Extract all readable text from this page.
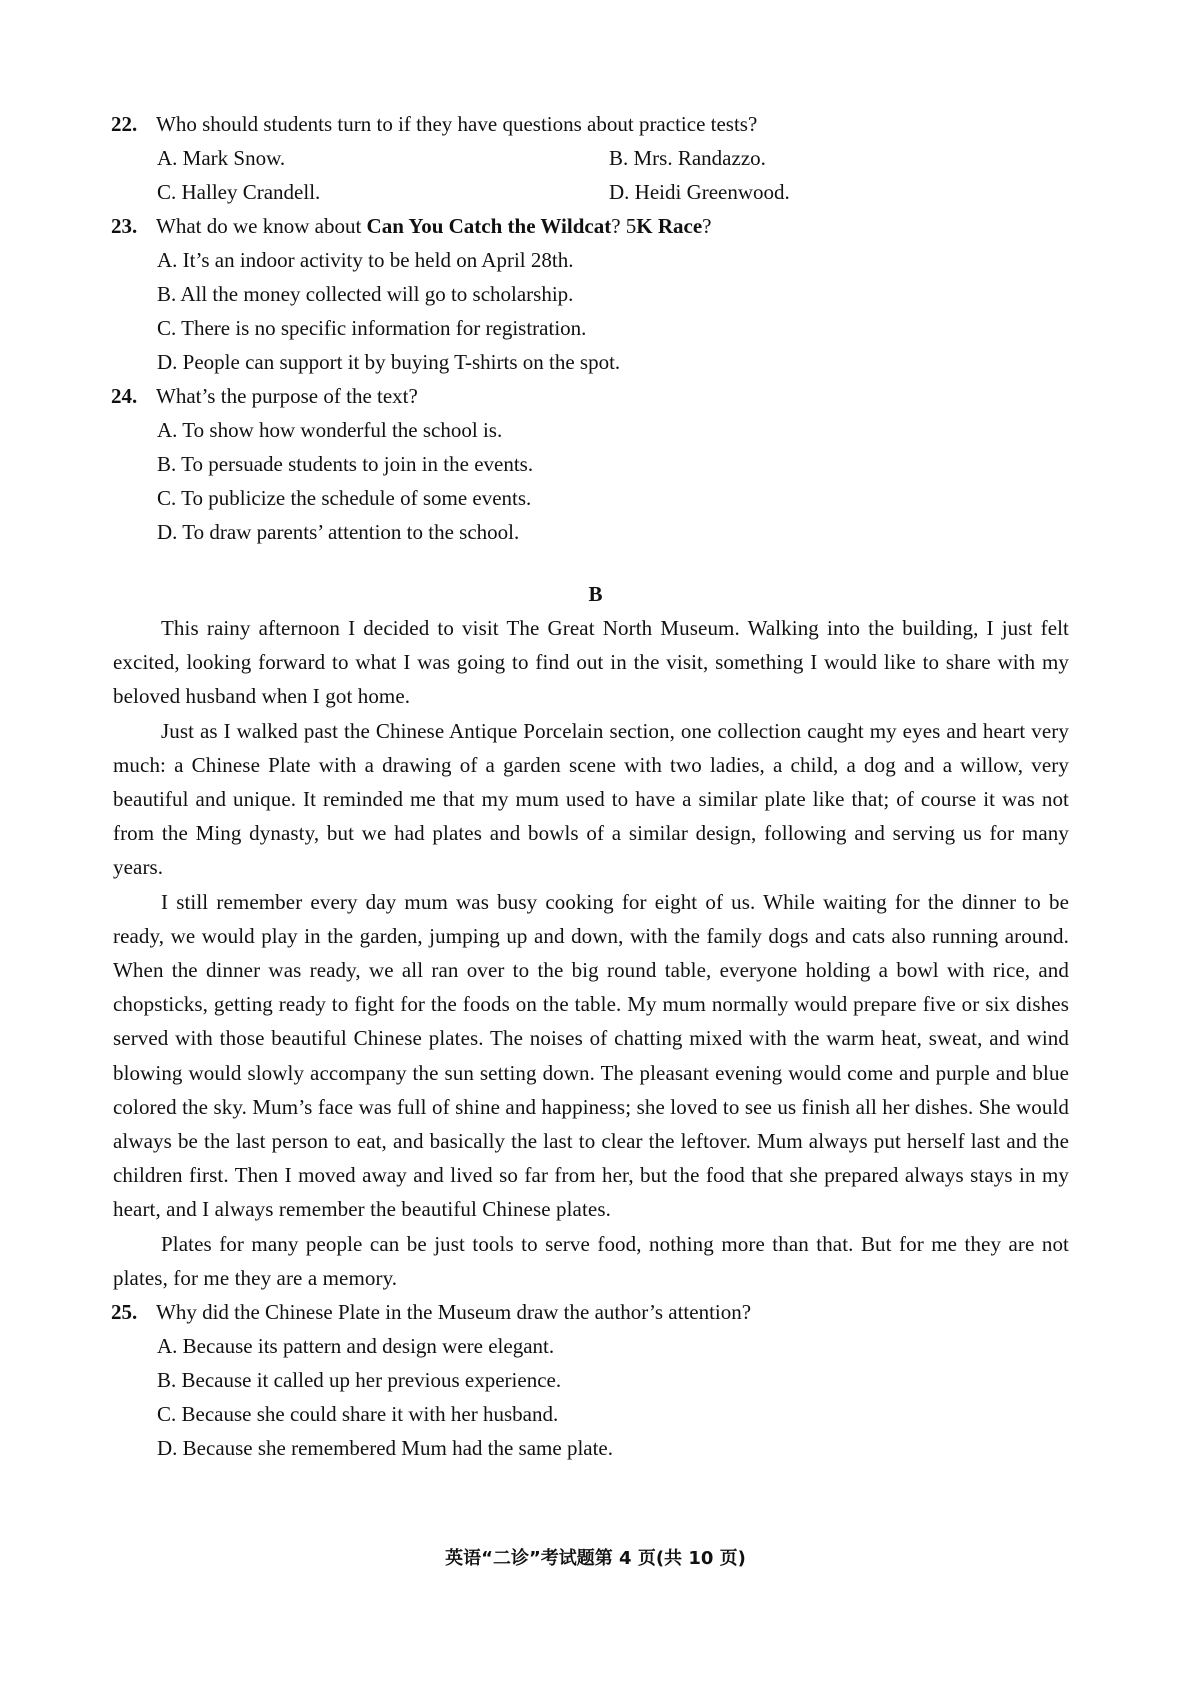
22. Who should students turn to if they have questions about practice tests?
A. Mark Snow.	B. Mrs. Randazzo.
C. Halley Crandell.	D. Heidi Greenwood.
23. What do we know about Can You Catch the Wildcat? 5K Race?
A. It’s an indoor activity to be held on April 28th.
B. All the money collected will go to scholarship.
C. There is no specific information for registration.
D. People can support it by buying T-shirts on the spot.
24. What’s the purpose of the text?
A. To show how wonderful the school is.
B. To persuade students to join in the events.
C. To publicize the schedule of some events.
D. To draw parents’ attention to the school.
B

This rainy afternoon I decided to visit The Great North Museum. Walking into the building, I just felt excited, looking forward to what I was going to find out in the visit, something I would like to share with my beloved husband when I got home.

Just as I walked past the Chinese Antique Porcelain section, one collection caught my eyes and heart very much: a Chinese Plate with a drawing of a garden scene with two ladies, a child, a dog and a willow, very beautiful and unique. It reminded me that my mum used to have a similar plate like that; of course it was not from the Ming dynasty, but we had plates and bowls of a similar design, following and serving us for many years.

I still remember every day mum was busy cooking for eight of us. While waiting for the dinner to be ready, we would play in the garden, jumping up and down, with the family dogs and cats also running around. When the dinner was ready, we all ran over to the big round table, everyone holding a bowl with rice, and chopsticks, getting ready to fight for the foods on the table. My mum normally would prepare five or six dishes served with those beautiful Chinese plates. The noises of chatting mixed with the warm heat, sweat, and wind blowing would slowly accompany the sun setting down. The pleasant evening would come and purple and blue colored the sky. Mum’s face was full of shine and happiness; she loved to see us finish all her dishes. She would always be the last person to eat, and basically the last to clear the leftover. Mum always put herself last and the children first. Then I moved away and lived so far from her, but the food that she prepared always stays in my heart, and I always remember the beautiful Chinese plates.

Plates for many people can be just tools to serve food, nothing more than that. But for me they are not plates, for me they are a memory.

25. Why did the Chinese Plate in the Museum draw the author’s attention?
A. Because its pattern and design were elegant.
B. Because it called up her previous experience.
C. Because she could share it with her husband.
D. Because she remembered Mum had the same plate.
英语“二诊”考试题第 4 页(共 10 页)
